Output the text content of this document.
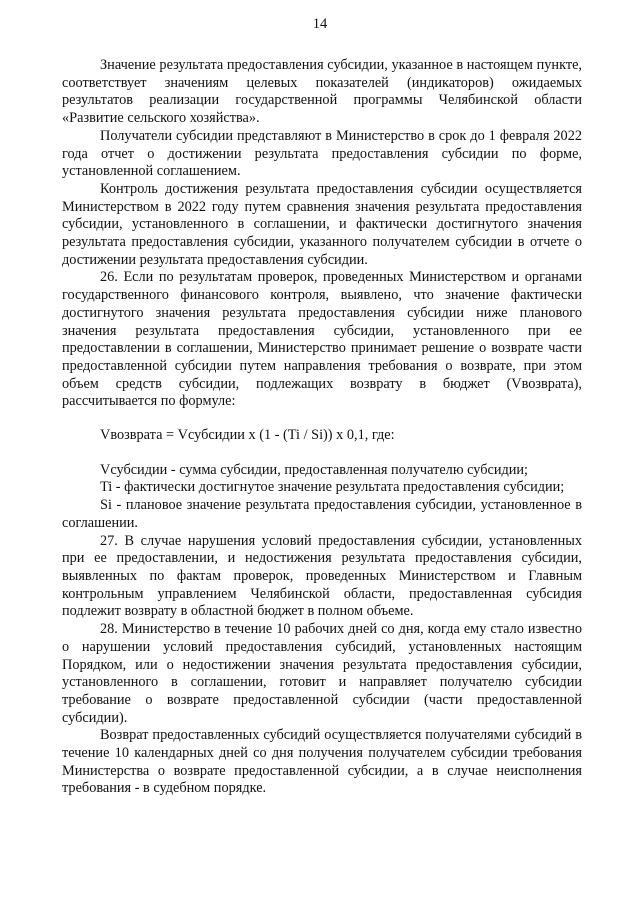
14

Значение результата предоставления субсидии, указанное в настоящем пункте, соответствует значениям целевых показателей (индикаторов) ожидаемых результатов реализации государственной программы Челябинской области «Развитие сельского хозяйства».

Получатели субсидии представляют в Министерство в срок до 1 февраля 2022 года отчет о достижении результата предоставления субсидии по форме, установленной соглашением.

Контроль достижения результата предоставления субсидии осуществляется Министерством в 2022 году путем сравнения значения результата предоставления субсидии, установленного в соглашении, и фактически достигнутого значения результата предоставления субсидии, указанного получателем субсидии в отчете о достижении результата предоставления субсидии.

26. Если по результатам проверок, проведенных Министерством и органами государственного финансового контроля, выявлено, что значение фактически достигнутого значения результата предоставления субсидии ниже планового значения результата предоставления субсидии, установленного при ее предоставлении в соглашении, Министерство принимает решение о возврате части предоставленной субсидии путем направления требования о возврате, при этом объем средств субсидии, подлежащих возврату в бюджет (Vвозврата), рассчитывается по формуле:

Vвозврата = Vсубсидии x (1 - (Ti / Si)) x 0,1, где:

Vсубсидии - сумма субсидии, предоставленная получателю субсидии;

Ti - фактически достигнутое значение результата предоставления субсидии;

Si - плановое значение результата предоставления субсидии, установленное в соглашении.

27. В случае нарушения условий предоставления субсидии, установленных при ее предоставлении, и недостижения результата предоставления субсидии, выявленных по фактам проверок, проведенных Министерством и Главным контрольным управлением Челябинской области, предоставленная субсидия подлежит возврату в областной бюджет в полном объеме.

28. Министерство в течение 10 рабочих дней со дня, когда ему стало известно о нарушении условий предоставления субсидий, установленных настоящим Порядком, или о недостижении значения результата предоставления субсидии, установленного в соглашении, готовит и направляет получателю субсидии требование о возврате предоставленной субсидии (части предоставленной субсидии).

Возврат предоставленных субсидий осуществляется получателями субсидий в течение 10 календарных дней со дня получения получателем субсидии требования Министерства о возврате предоставленной субсидии, а в случае неисполнения требования - в судебном порядке.
